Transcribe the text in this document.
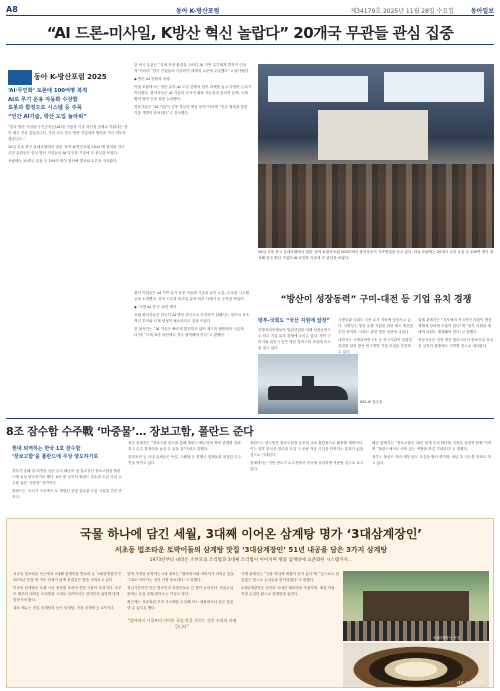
A8	동아 K-방산포럼	제34179호 2025년 11월 28일 수요일	동아일보
“AI 드론-미사일, K방산 혁신 놀랍다” 20개국 무관들 관심 집중
동아 K-방산포럼 2025
‘AI·무인화’ 토론에 100여명 북적
AI로 무기 운용 자동화 수상함
로봇과 함정으로 시스템 등 주목
“인간 AI기술, 방산 도입 놀라워”

“한국 방산 기업들이 인공지능(AI)을 이용한 기술 혁신을 실제로 이뤄내는 점이 매우 인상 깊었습니다. 우리 군도 한국 방산 기업과의 협력을 적극 검토하겠습니다.”

26일 서울 중구 롯데호텔에서 열린 ‘동아 K-방산포럼 2025’에 참석한 각국 주한 무관들은 한국 방산 기업들의 AI·무인화 기술에 큰 관심을 보였다.

포럼에는 20개국 무관 등 100여 명이 참석해 발표와 토론을 지켜봤다.

한 외국 무관은 “실제 전장 환경을 고려한 AI 기반 무기체계 발전이 인상적”이라며 “한국 기업들의 기술력이 세계적 수준에 도달했다”고 평가했다.

◆ 방산 AI 현황과 과제

이날 포럼에서는 방산 분야 AI 도입 현황과 향후 과제를 놓고 다양한 논의가 이어졌다. 참석자들은 AI 기술의 군사적 활용 가능성과 윤리적 문제, 국제 협력 방안 등을 집중 논의했다.

전문가들은 “AI 기술이 국방 혁신의 핵심 동력”이라며 “민군 협력을 통한 기술 개발이 중요하다”고 강조했다.

26일 서울 중구 롯데호텔에서 열린 ‘동아 K-방산포럼 2025’에서 참석자들이 기조연설을 듣고 있다. 이날 포럼에는 20개국 주한 무관 등 100여 명이 참석해 한국 방산 기업의 AI·무인화 기술에 큰 관심을 보였다.

참석 기업들은 AI 기반 무기 운용 자동화 기술과 무인 로봇, 수상함 시스템 등을 소개했다. 특히 드론과 미사일 분야 혁신 사례가 큰 주목을 받았다.

◆ ‘국방 AI 강국’ 위한 제언

포럼 참석자들은 한국이 AI 방산 강국으로 도약하기 위해서는 정부의 지속적인 투자와 인재 양성이 필요하다고 입을 모았다.

한 참석자는 “AI 기술은 빠르게 발전하고 있어 제도적 뒷받침이 시급하다”며 “국제 표준 마련에도 적극 참여해야 한다”고 말했다.

“방산이 성장동력” 구미-대전 등 기업 유치 경쟁
방부-국회도 “국산 지원에 앞장”

지방자치단체들이 방위산업을 미래 성장동력으로 삼고 기업 유치 경쟁에 나서고 있다. 경북 구미시와 대전시 등은 방산 클러스터 조성에 속도를 내고 있다.

국방부와 국회도 국산 무기 지원에 앞장서고 있다. 국방부는 방산 수출 지원을 위한 제도 개선을 추진 중이며, 국회는 관련 법안 마련에 나섰다.

대전시는 국방과학연구소 등 연구기관이 밀집한 강점을 살려 방산 연구개발 거점 조성을 추진하고 있다.

업계 관계자는 “지자체의 적극적인 지원이 방산 생태계 강화에 도움이 된다”며 “정부 차원의 체계적 지원도 병행돼야 한다”고 말했다.

전문가들은 지역 방산 클러스터가 중소기업 육성과 일자리 창출에도 기여할 것으로 내다봤다.

KSS-III 잠수함
8조 잠수함 수주戰 ‘마중물’… 장보고함, 폴란드 준다
현대 퇴역하는 한국 1호 잠수함
‘장보고함’을 폴란드에 무상 양도하기로

정부가 올해 말 퇴역을 앞둔 우리 해군의 첫 잠수함인 장보고함을 폴란드에 무상 양도하기로 했다. 8조 원 규모의 폴란드 잠수함 도입 사업 수주를 위한 ‘마중물’ 성격이다.

폴란드는 ‘오르카 프로젝트’로 명명된 신형 잠수함 도입 사업을 추진 중이다.

정부 관계자는 “장보고함 양도를 통해 폴란드 해군과의 협력 관계를 강화하고 수주 경쟁력을 높일 수 있을 것”이라고 말했다.

한화오션 등 국내 업체들은 독일, 스웨덴 등 경쟁국 업체들과 치열한 수주전을 벌이고 있다.

폴란드는 양도받은 장보고함을 승조원 교육 훈련용으로 활용할 계획이다. 이는 향후 한국산 잠수함 도입 시 운용 적응 기간을 단축하는 효과가 있을 것으로 기대된다.

업계에서는 이번 양도가 수주전에서 한국에 유리하게 작용할 것으로 보고 있다.

해군 관계자는 “장보고함은 30년 넘게 우리 바다를 지켜온 상징적 함정”이라며 “폴란드에서도 의미 있는 역할을 하길 기대한다”고 말했다.

정부는 폴란드 측과 세부 양도 조건을 협의 중이며, 내년 초 인도를 목표로 하고 있다.

국물 하나에 담긴 세월, 3대째 이어온 삼계탕 명가 ‘3대삼계장인’
서초동 법조타운 토박이들의 삼계탕 맛집 ‘3대삼계장인’ 51년 내공을 담은 3가지 삼계탕
1973년부터 내려온 조부모의 조리법과 3대째 조리법이 이어지며 명품 삼계탕에 표준화된 시스템까지…

서초동 법조타운 인근에서 3대째 삼계탕을 만들어 온 ‘3대삼계장인’은 1973년 문을 연 이후 반세기 넘게 한결같은 맛을 지켜오고 있다.

이곳의 삼계탕은 오랜 시간 정성껏 우려낸 진한 국물이 특징이다. 조부모 때부터 내려온 조리법을 그대로 지키면서도 현대인의 입맛에 맞게 발전시켜 왔다.

대표 메뉴는 전통 삼계탕과 능이 삼계탕, 전복 삼계탕 등 3가지다.

현재 가게를 운영하는 3대 대표는 “할아버지와 아버지가 지켜온 맛을 그대로 이어가는 것이 가장 중요하다”고 말했다.

점심시간이면 인근 법조인과 직장인들로 긴 줄이 늘어선다. 단골손님 중에는 수십 년째 찾아오는 이들도 많다.

최근에는 표준화된 조리 시스템을 도입해 어느 매장에서나 같은 맛을 낼 수 있도록 했다.

“할아버지 시절부터 이어온 국물 맛을 지키는 것이 우리의 사명입니다”

가게 관계자는 “국물 하나에 세월이 담겨 있다”며 “앞으로도 변함없는 맛으로 손님들을 맞이하겠다”고 밝혔다.

3대삼계장인은 신선한 국내산 재료만을 사용하며, 매일 아침 직접 손질한 닭으로 삼계탕을 끓인다.

3대삼계장인 전경
대표 메뉴 삼계탕
